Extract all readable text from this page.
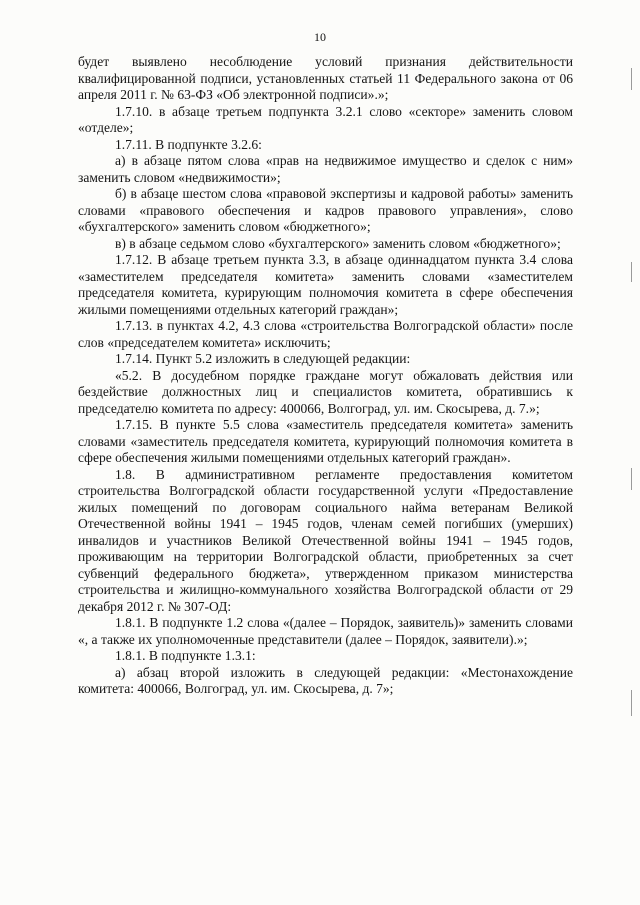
10

будет выявлено несоблюдение условий признания действительности квалифицированной подписи, установленных статьей 11 Федерального закона от 06 апреля 2011 г. № 63-ФЗ «Об электронной подписи».»;

1.7.10. в абзаце третьем подпункта 3.2.1 слово «секторе» заменить словом «отделе»;

1.7.11. В подпункте 3.2.6:

а) в абзаце пятом слова «прав на недвижимое имущество и сделок с ним» заменить словом «недвижимости»;

б) в абзаце шестом слова «правовой экспертизы и кадровой работы» заменить словами «правового обеспечения и кадров правового управления», слово «бухгалтерского» заменить словом «бюджетного»;

в) в абзаце седьмом слово «бухгалтерского» заменить словом «бюджетного»;

1.7.12. В абзаце третьем пункта 3.3, в абзаце одиннадцатом пункта 3.4 слова «заместителем председателя комитета» заменить словами «заместителем председателя комитета, курирующим полномочия комитета в сфере обеспечения жилыми помещениями отдельных категорий граждан»;

1.7.13. в пунктах 4.2, 4.3 слова «строительства Волгоградской области» после слов «председателем комитета» исключить;

1.7.14. Пункт 5.2 изложить в следующей редакции:

«5.2. В досудебном порядке граждане могут обжаловать действия или бездействие должностных лиц и специалистов комитета, обратившись к председателю комитета по адресу: 400066, Волгоград, ул. им. Скосырева, д. 7.»;

1.7.15. В пункте 5.5 слова «заместитель председателя комитета» заменить словами «заместитель председателя комитета, курирующий полномочия комитета в сфере обеспечения жилыми помещениями отдельных категорий граждан».

1.8. В административном регламенте предоставления комитетом строительства Волгоградской области государственной услуги «Предоставление жилых помещений по договорам социального найма ветеранам Великой Отечественной войны 1941 – 1945 годов, членам семей погибших (умерших) инвалидов и участников Великой Отечественной войны 1941 – 1945 годов, проживающим на территории Волгоградской области, приобретенных за счет субвенций федерального бюджета», утвержденном приказом министерства строительства и жилищно-коммунального хозяйства Волгоградской области от 29 декабря 2012 г. № 307-ОД:

1.8.1. В подпункте 1.2 слова «(далее – Порядок, заявитель)» заменить словами «, а также их уполномоченные представители (далее – Порядок, заявители).»;

1.8.1. В подпункте 1.3.1:

а) абзац второй изложить в следующей редакции: «Местонахождение комитета: 400066, Волгоград, ул. им. Скосырева, д. 7»;
